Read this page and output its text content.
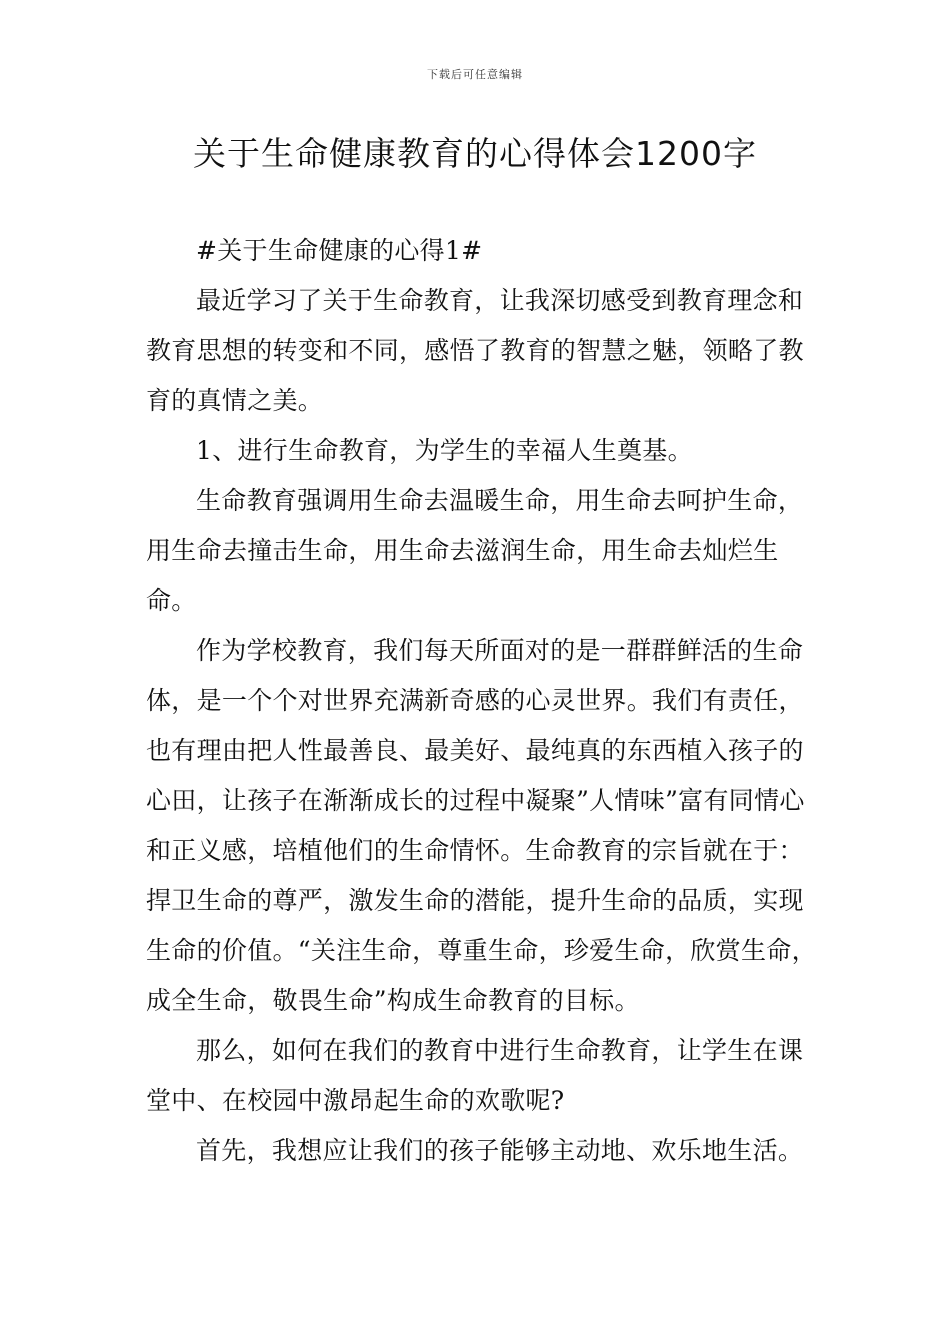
下载后可任意编辑
关于生命健康教育的心得体会1200字

#关于生命健康的心得1#

最近学习了关于生命教育，让我深切感受到教育理念和教育思想的转变和不同，感悟了教育的智慧之魅，领略了教育的真情之美。

1、进行生命教育，为学生的幸福人生奠基。

生命教育强调用生命去温暖生命，用生命去呵护生命，用生命去撞击生命，用生命去滋润生命，用生命去灿烂生命。

作为学校教育，我们每天所面对的是一群群鲜活的生命体，是一个个对世界充满新奇感的心灵世界。我们有责任，也有理由把人性最善良、最美好、最纯真的东西植入孩子的心田，让孩子在渐渐成长的过程中凝聚”人情味”富有同情心和正义感，培植他们的生命情怀。生命教育的宗旨就在于：捍卫生命的尊严，激发生命的潜能，提升生命的品质，实现生命的价值。“关注生命，尊重生命，珍爱生命，欣赏生命，成全生命，敬畏生命”构成生命教育的目标。

那么，如何在我们的教育中进行生命教育，让学生在课堂中、在校园中激昂起生命的欢歌呢?

首先，我想应让我们的孩子能够主动地、欢乐地生活。
